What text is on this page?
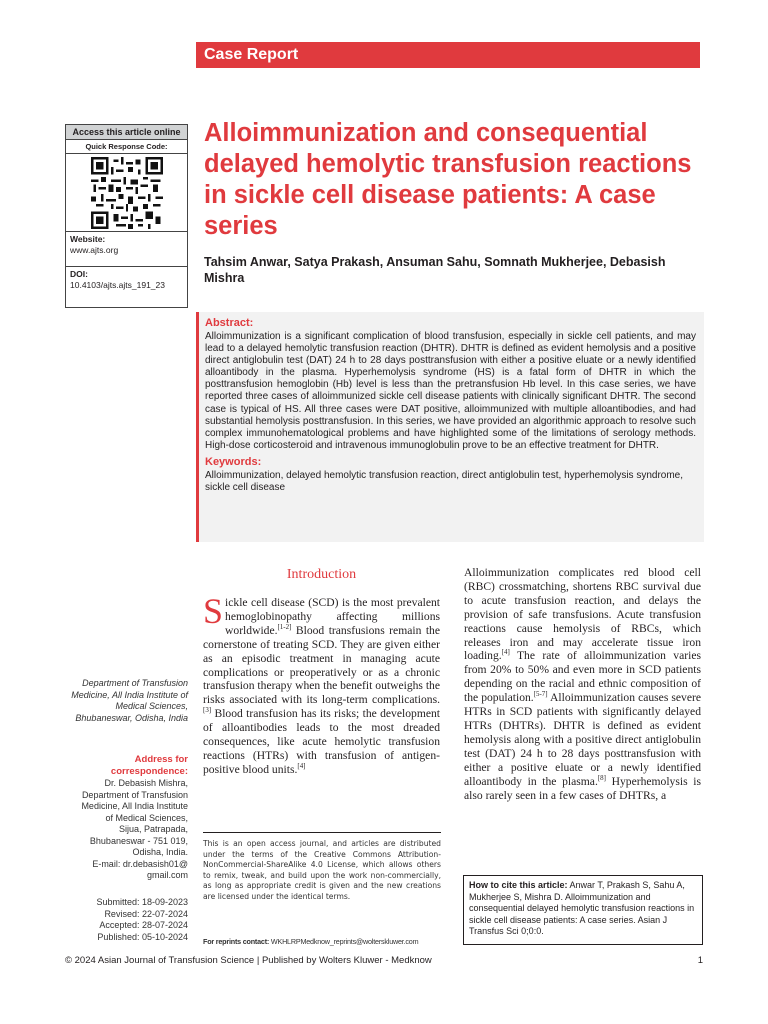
Case Report
Access this article online
Quick Response Code:
Website:
www.ajts.org
DOI:
10.4103/ajts.ajts_191_23
Alloimmunization and consequential delayed hemolytic transfusion reactions in sickle cell disease patients: A case series
Tahsim Anwar, Satya Prakash, Ansuman Sahu, Somnath Mukherjee, Debasish Mishra
Abstract:

Alloimmunization is a significant complication of blood transfusion, especially in sickle cell patients, and may lead to a delayed hemolytic transfusion reaction (DHTR). DHTR is defined as evident hemolysis and a positive direct antiglobulin test (DAT) 24 h to 28 days posttransfusion with either a positive eluate or a newly identified alloantibody in the plasma. Hyperhemolysis syndrome (HS) is a fatal form of DHTR in which the posttransfusion hemoglobin (Hb) level is less than the pretransfusion Hb level. In this case series, we have reported three cases of alloimmunized sickle cell disease patients with clinically significant DHTR. The second case is typical of HS. All three cases were DAT positive, alloimmunized with multiple alloantibodies, and had substantial hemolysis posttransfusion. In this series, we have provided an algorithmic approach to resolve such complex immunohematological problems and have highlighted some of the limitations of serology methods. High-dose corticosteroid and intravenous immunoglobulin prove to be an effective treatment for DHTR.

Keywords:

Alloimmunization, delayed hemolytic transfusion reaction, direct antiglobulin test, hyperhemolysis syndrome, sickle cell disease

Department of Transfusion Medicine, All India Institute of Medical Sciences, Bhubaneswar, Odisha, India
Address for correspondence:
Dr. Debasish Mishra,
Department of Transfusion
Medicine, All India Institute
of Medical Sciences,
Sijua, Patrapada,
Bhubaneswar - 751 019,
Odisha, India.
E-mail: dr.debasish01@
gmail.com
Submitted: 18-09-2023
Revised: 22-07-2024
Accepted: 28-07-2024
Published: 05-10-2024
Introduction

Sickle cell disease (SCD) is the most prevalent hemoglobinopathy affecting millions worldwide.[1-2] Blood transfusions remain the cornerstone of treating SCD. They are given either as an episodic treatment in managing acute complications or preoperatively or as a chronic transfusion therapy when the benefit outweighs the risks associated with its long-term complications.[3] Blood transfusion has its risks; the development of alloantibodies leads to the most dreaded consequences, like acute hemolytic transfusion reactions (HTRs) with transfusion of antigen-positive blood units.[4]

Alloimmunization complicates red blood cell (RBC) crossmatching, shortens RBC survival due to acute transfusion reaction, and delays the provision of safe transfusions. Acute transfusion reactions cause hemolysis of RBCs, which releases iron and may accelerate tissue iron loading.[4] The rate of alloimmunization varies from 20% to 50% and even more in SCD patients depending on the racial and ethnic composition of the population.[5-7] Alloimmunization causes severe HTRs in SCD patients with significantly delayed HTRs (DHTRs). DHTR is defined as evident hemolysis along with a positive direct antiglobulin test (DAT) 24 h to 28 days posttransfusion with either a positive eluate or a newly identified alloantibody in the plasma.[8] Hyperhemolysis is also rarely seen in a few cases of DHTRs, a

This is an open access journal, and articles are distributed under the terms of the Creative Commons Attribution-NonCommercial-ShareAlike 4.0 License, which allows others to remix, tweak, and build upon the work non-commercially, as long as appropriate credit is given and the new creations are licensed under the identical terms.
For reprints contact: WKHLRPMedknow_reprints@wolterskluwer.com
How to cite this article: Anwar T, Prakash S, Sahu A, Mukherjee S, Mishra D. Alloimmunization and consequential delayed hemolytic transfusion reactions in sickle cell disease patients: A case series. Asian J Transfus Sci 0;0:0.
© 2024 Asian Journal of Transfusion Science | Published by Wolters Kluwer - Medknow	1
